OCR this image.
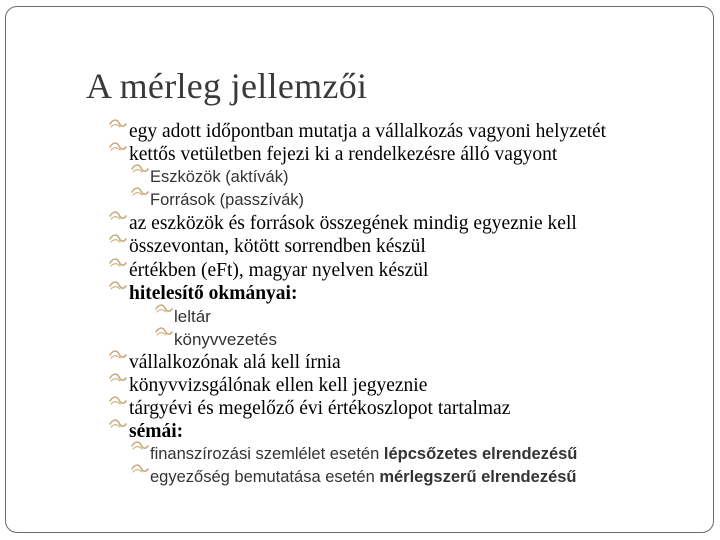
A mérleg jellemzői
egy adott időpontban mutatja a vállalkozás vagyoni helyzetét
kettős vetületben fejezi ki a rendelkezésre álló vagyont
Eszközök (aktívák)
Források (passzívák)
az eszközök és források összegének mindig egyeznie kell
összevontan, kötött sorrendben készül
értékben (eFt), magyar nyelven készül
hitelesítő okmányai:
leltár
könyvvezetés
vállalkozónak alá kell írnia
könyvvizsgálónak ellen kell jegyeznie
tárgyévi és megelőző évi értékoszlopot tartalmaz
sémái:
finanszírozási szemlélet esetén lépcsőzetes elrendezésű
egyezőség bemutatása esetén mérlegszerű elrendezésű
